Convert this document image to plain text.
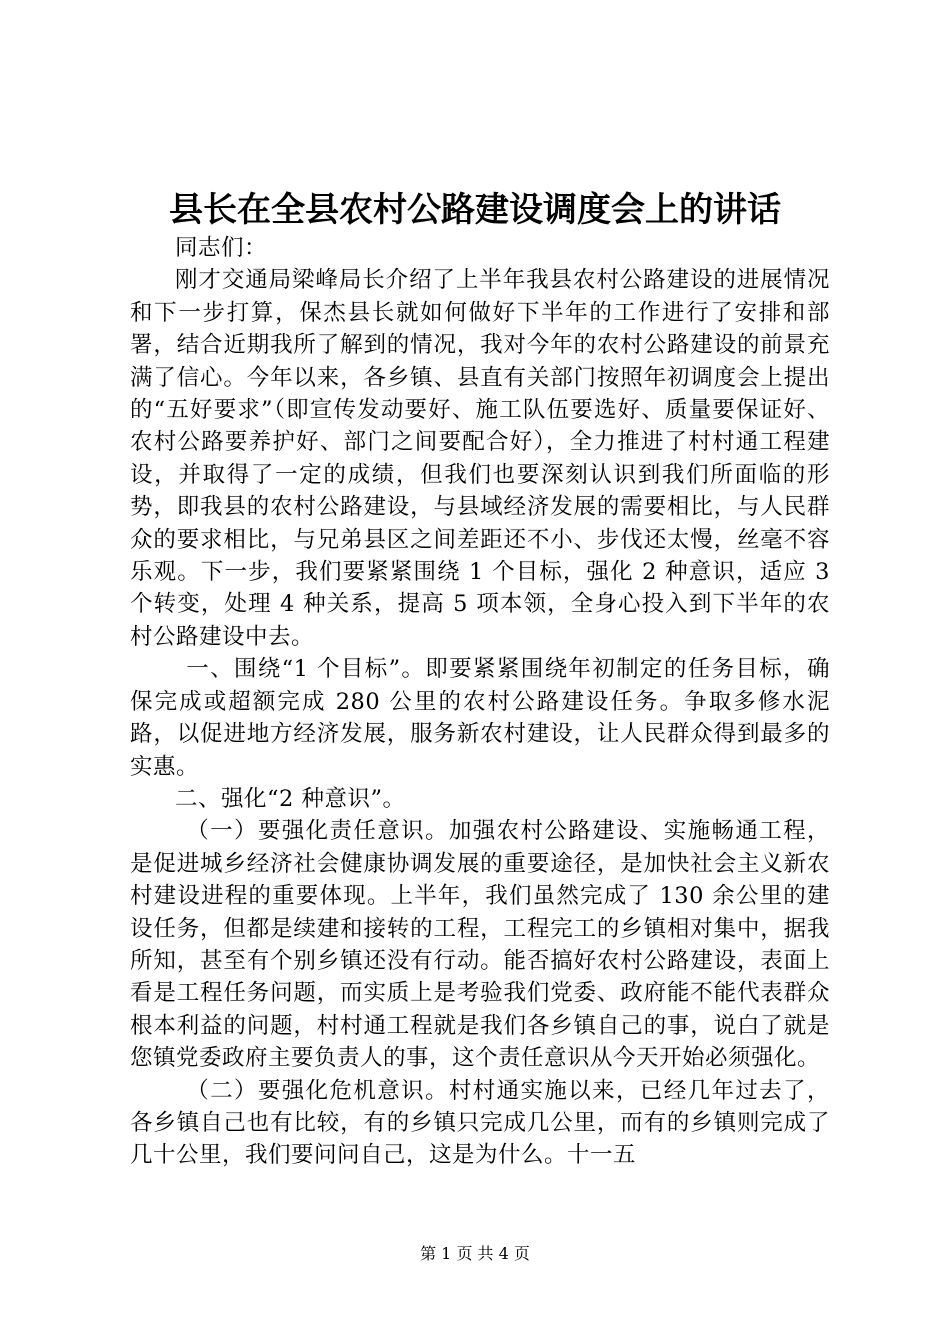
县长在全县农村公路建设调度会上的讲话

同志们：

刚才交通局梁峰局长介绍了上半年我县农村公路建设的进展情况和下一步打算，保杰县长就如何做好下半年的工作进行了安排和部署，结合近期我所了解到的情况，我对今年的农村公路建设的前景充满了信心。今年以来，各乡镇、县直有关部门按照年初调度会上提出的“五好要求”（即宣传发动要好、施工队伍要选好、质量要保证好、农村公路要养护好、部门之间要配合好），全力推进了村村通工程建设，并取得了一定的成绩，但我们也要深刻认识到我们所面临的形势，即我县的农村公路建设，与县域经济发展的需要相比，与人民群众的要求相比，与兄弟县区之间差距还不小、步伐还太慢，丝毫不容乐观。下一步，我们要紧紧围绕 1 个目标，强化 2 种意识，适应 3 个转变，处理 4 种关系，提高 5 项本领，全身心投入到下半年的农村公路建设中去。

一、围绕“1 个目标”。即要紧紧围绕年初制定的任务目标，确保完成或超额完成 280 公里的农村公路建设任务。争取多修水泥路，以促进地方经济发展，服务新农村建设，让人民群众得到最多的实惠。

二、强化“2 种意识”。

（一）要强化责任意识。加强农村公路建设、实施畅通工程，是促进城乡经济社会健康协调发展的重要途径，是加快社会主义新农村建设进程的重要体现。上半年，我们虽然完成了 130 余公里的建设任务，但都是续建和接转的工程，工程完工的乡镇相对集中，据我所知，甚至有个别乡镇还没有行动。能否搞好农村公路建设，表面上看是工程任务问题，而实质上是考验我们党委、政府能不能代表群众根本利益的问题，村村通工程就是我们各乡镇自己的事，说白了就是您镇党委政府主要负责人的事，这个责任意识从今天开始必须强化。

（二）要强化危机意识。村村通实施以来，已经几年过去了，各乡镇自己也有比较，有的乡镇只完成几公里，而有的乡镇则完成了几十公里，我们要问问自己，这是为什么。十一五

第 1 页 共 4 页
